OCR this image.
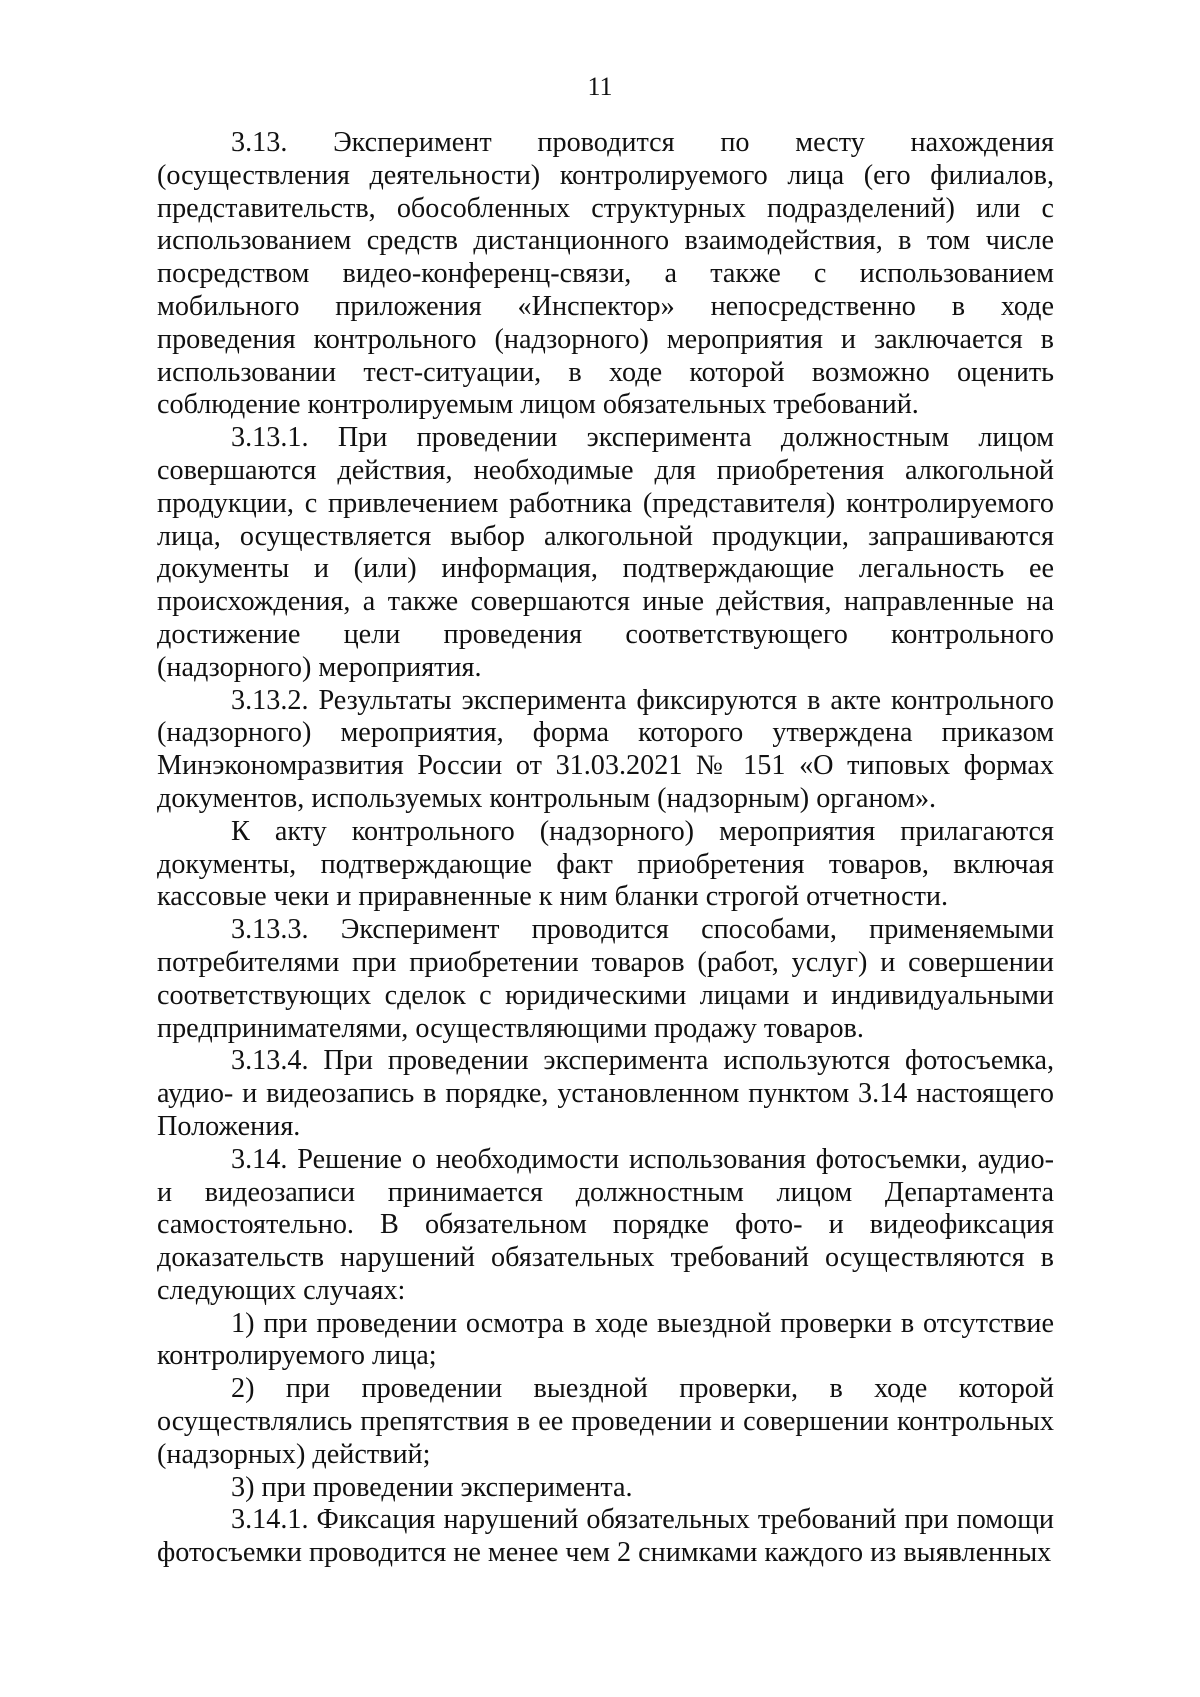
11

3.13. Эксперимент проводится по месту нахождения (осуществления деятельности) контролируемого лица (его филиалов, представительств, обособленных структурных подразделений) или с использованием средств дистанционного взаимодействия, в том числе посредством видео-конференц-связи, а также с использованием мобильного приложения «Инспектор» непосредственно в ходе проведения контрольного (надзорного) мероприятия и заключается в использовании тест-ситуации, в ходе которой возможно оценить соблюдение контролируемым лицом обязательных требований.

3.13.1. При проведении эксперимента должностным лицом совершаются действия, необходимые для приобретения алкогольной продукции, с привлечением работника (представителя) контролируемого лица, осуществляется выбор алкогольной продукции, запрашиваются документы и (или) информация, подтверждающие легальность ее происхождения, а также совершаются иные действия, направленные на достижение цели проведения соответствующего контрольного (надзорного) мероприятия.

3.13.2. Результаты эксперимента фиксируются в акте контрольного (надзорного) мероприятия, форма которого утверждена приказом Минэкономразвития России от 31.03.2021 № 151 «О типовых формах документов, используемых контрольным (надзорным) органом».

К акту контрольного (надзорного) мероприятия прилагаются документы, подтверждающие факт приобретения товаров, включая кассовые чеки и приравненные к ним бланки строгой отчетности.

3.13.3. Эксперимент проводится способами, применяемыми потребителями при приобретении товаров (работ, услуг) и совершении соответствующих сделок с юридическими лицами и индивидуальными предпринимателями, осуществляющими продажу товаров.

3.13.4. При проведении эксперимента используются фотосъемка, аудио- и видеозапись в порядке, установленном пунктом 3.14 настоящего Положения.

3.14. Решение о необходимости использования фотосъемки, аудио- и видеозаписи принимается должностным лицом Департамента самостоятельно. В обязательном порядке фото- и видеофиксация доказательств нарушений обязательных требований осуществляются в следующих случаях:

1) при проведении осмотра в ходе выездной проверки в отсутствие контролируемого лица;

2) при проведении выездной проверки, в ходе которой осуществлялись препятствия в ее проведении и совершении контрольных (надзорных) действий;

3) при проведении эксперимента.

3.14.1. Фиксация нарушений обязательных требований при помощи фотосъемки проводится не менее чем 2 снимками каждого из выявленных
